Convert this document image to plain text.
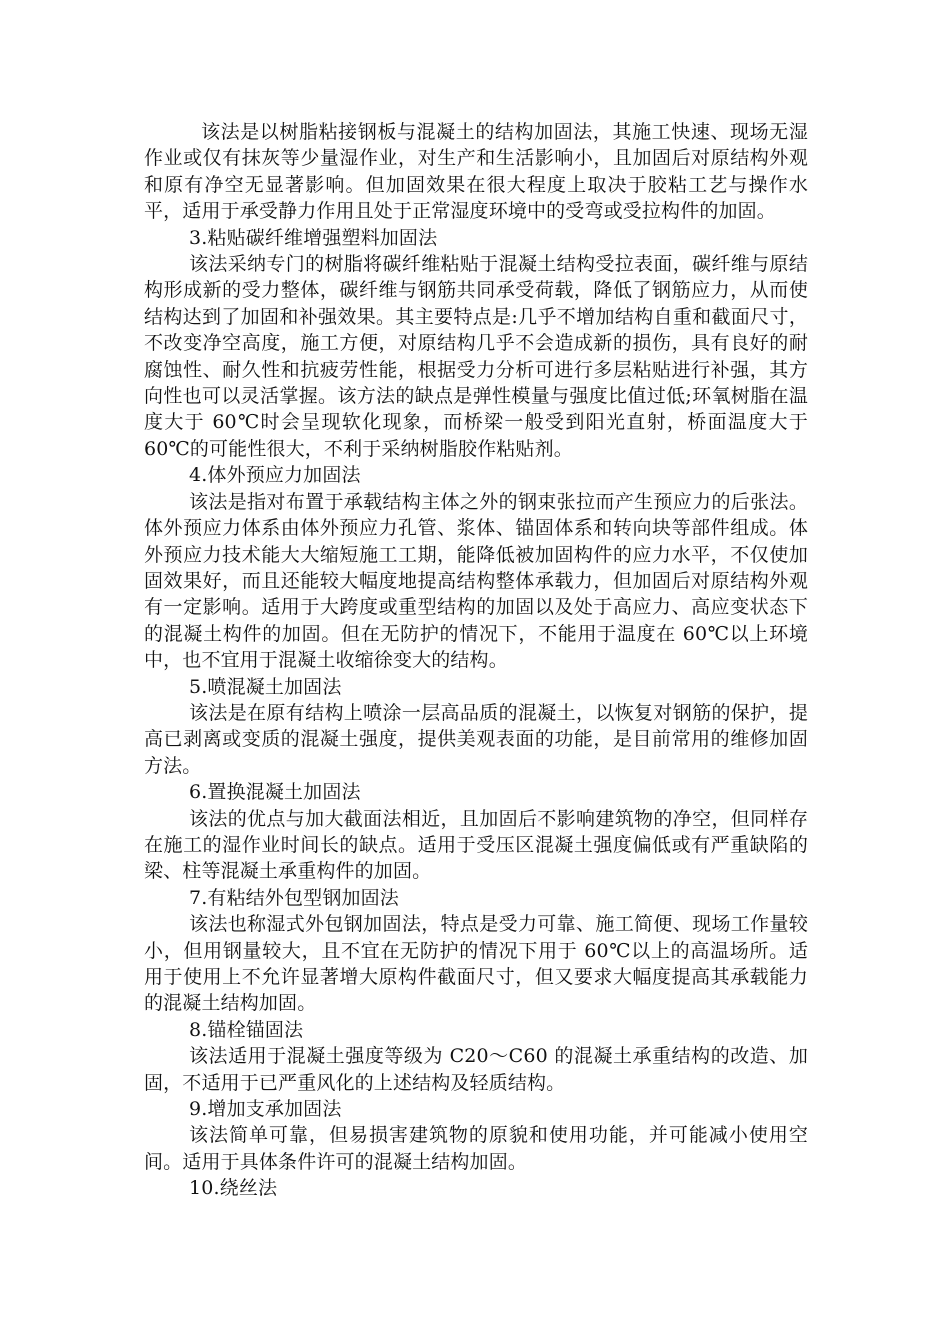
该法是以树脂粘接钢板与混凝土的结构加固法，其施工快速、现场无湿作业或仅有抹灰等少量湿作业，对生产和生活影响小，且加固后对原结构外观和原有净空无显著影响。但加固效果在很大程度上取决于胶粘工艺与操作水平，适用于承受静力作用且处于正常湿度环境中的受弯或受拉构件的加固。

3.粘贴碳纤维增强塑料加固法

该法采纳专门的树脂将碳纤维粘贴于混凝土结构受拉表面，碳纤维与原结构形成新的受力整体，碳纤维与钢筋共同承受荷载，降低了钢筋应力，从而使结构达到了加固和补强效果。其主要特点是:几乎不增加结构自重和截面尺寸，不改变净空高度，施工方便，对原结构几乎不会造成新的损伤，具有良好的耐腐蚀性、耐久性和抗疲劳性能，根据受力分析可进行多层粘贴进行补强，其方向性也可以灵活掌握。该方法的缺点是弹性模量与强度比值过低;环氧树脂在温度大于 60℃时会呈现软化现象，而桥梁一般受到阳光直射，桥面温度大于 60℃的可能性很大，不利于采纳树脂胶作粘贴剂。

4.体外预应力加固法

该法是指对布置于承载结构主体之外的钢束张拉而产生预应力的后张法。体外预应力体系由体外预应力孔管、浆体、锚固体系和转向块等部件组成。体外预应力技术能大大缩短施工工期，能降低被加固构件的应力水平，不仅使加固效果好，而且还能较大幅度地提高结构整体承载力，但加固后对原结构外观有一定影响。适用于大跨度或重型结构的加固以及处于高应力、高应变状态下的混凝土构件的加固。但在无防护的情况下，不能用于温度在 60℃以上环境中，也不宜用于混凝土收缩徐变大的结构。

5.喷混凝土加固法

该法是在原有结构上喷涂一层高品质的混凝土，以恢复对钢筋的保护，提高已剥离或变质的混凝土强度，提供美观表面的功能，是目前常用的维修加固方法。

6.置换混凝土加固法

该法的优点与加大截面法相近，且加固后不影响建筑物的净空，但同样存在施工的湿作业时间长的缺点。适用于受压区混凝土强度偏低或有严重缺陷的梁、柱等混凝土承重构件的加固。

7.有粘结外包型钢加固法

该法也称湿式外包钢加固法，特点是受力可靠、施工简便、现场工作量较小，但用钢量较大，且不宜在无防护的情况下用于 60℃以上的高温场所。适用于使用上不允许显著增大原构件截面尺寸，但又要求大幅度提高其承载能力的混凝土结构加固。

8.锚栓锚固法

该法适用于混凝土强度等级为 C20～C60 的混凝土承重结构的改造、加固，不适用于已严重风化的上述结构及轻质结构。

9.增加支承加固法

该法简单可靠，但易损害建筑物的原貌和使用功能，并可能减小使用空间。适用于具体条件许可的混凝土结构加固。

10.绕丝法
